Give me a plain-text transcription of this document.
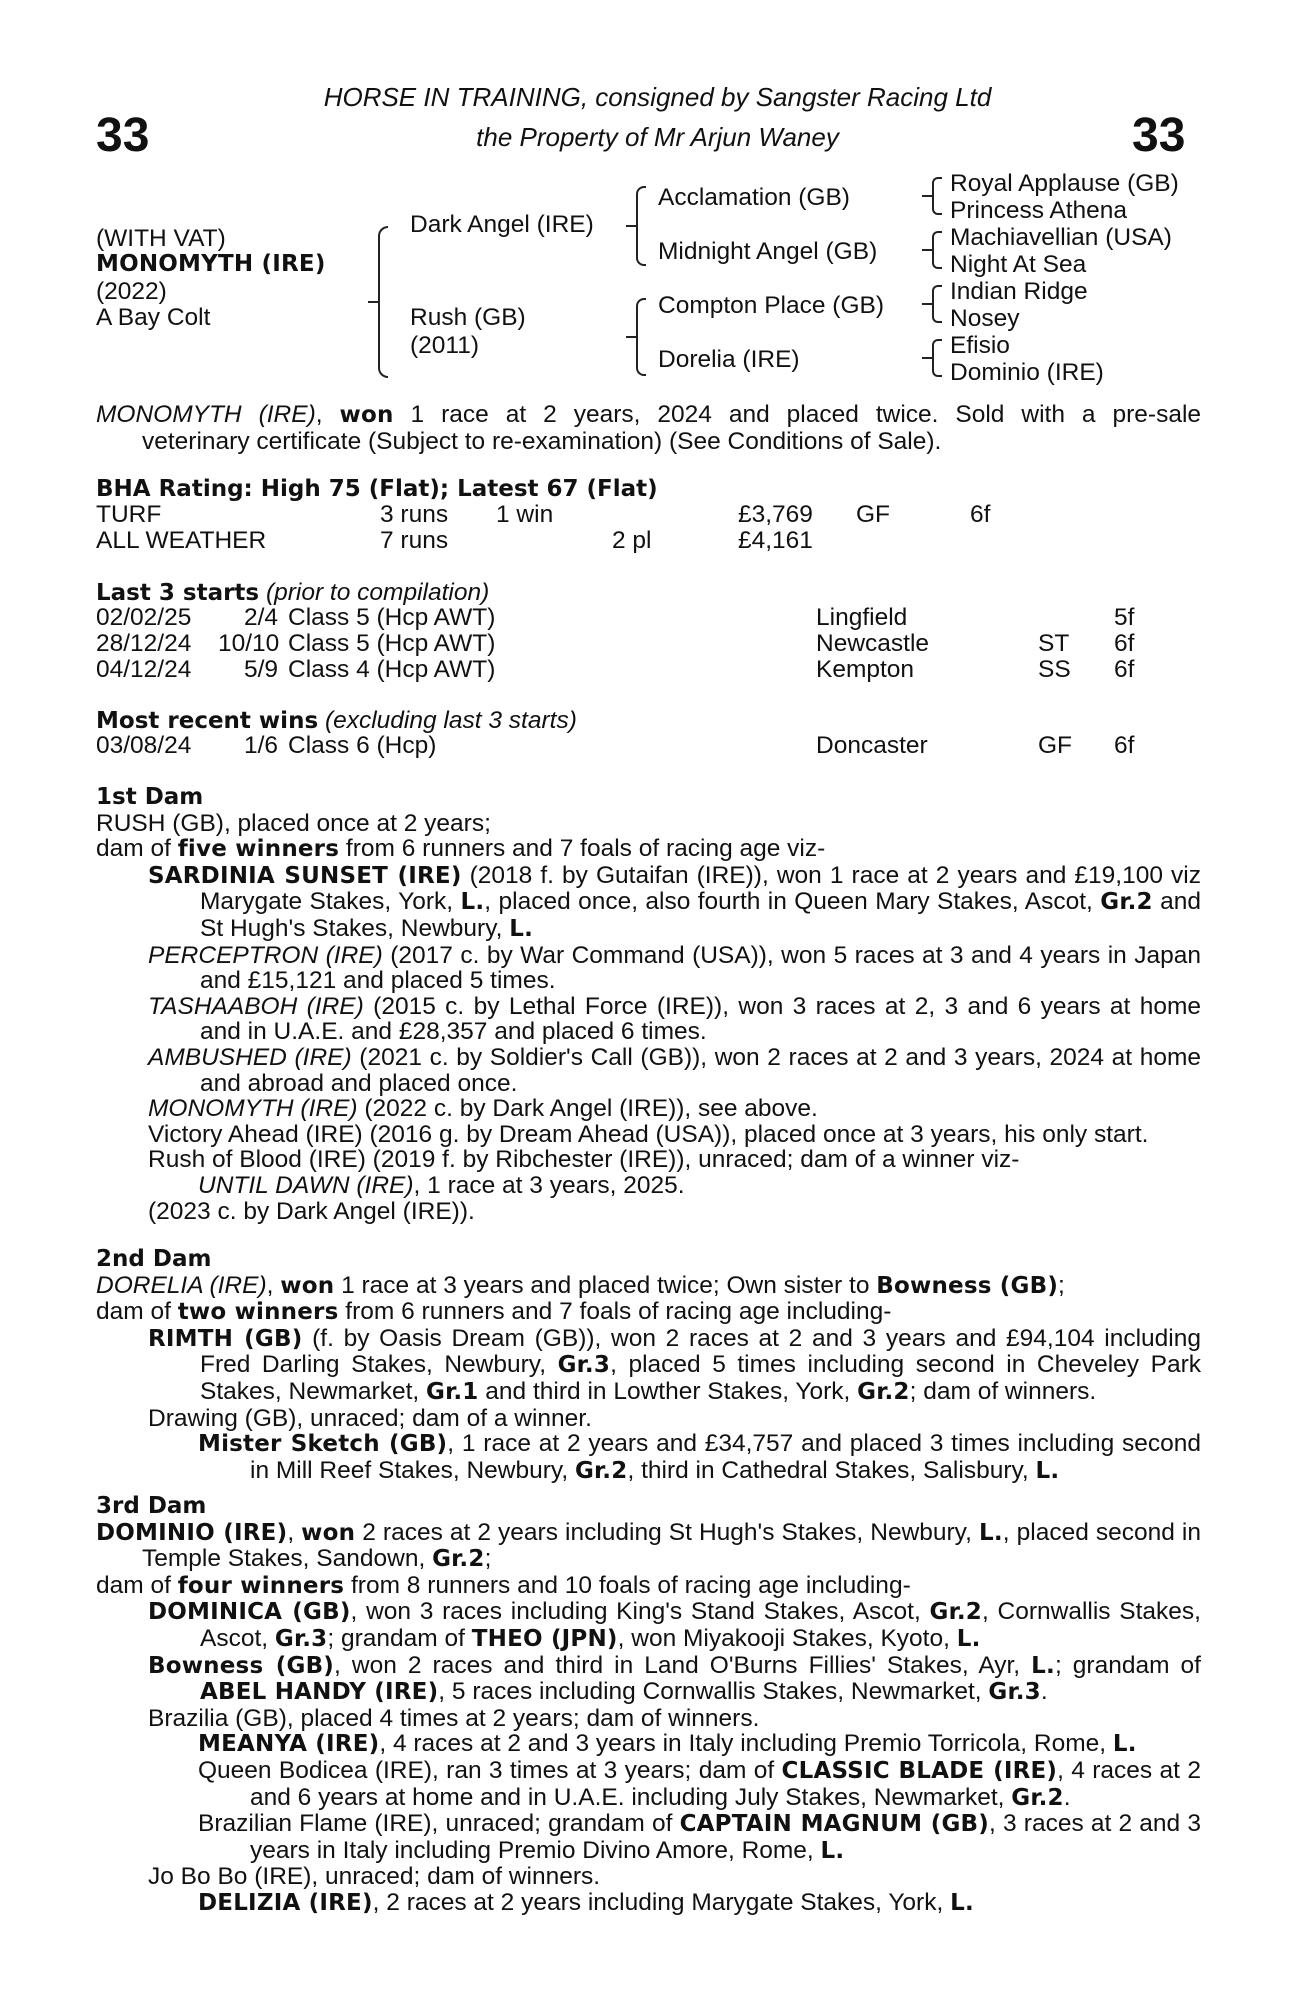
33	33
HORSE IN TRAINING, consigned by Sangster Racing Ltd
the Property of Mr Arjun Waney
(WITH VAT)
MONOMYTH (IRE)
(2022)
A Bay Colt
Dark Angel (IRE)
Rush (GB)
(2011)
Acclamation (GB)
Midnight Angel (GB)
Compton Place (GB)
Dorelia (IRE)
Royal Applause (GB)
Princess Athena
Machiavellian (USA)
Night At Sea
Indian Ridge
Nosey
Efisio
Dominio (IRE)
MONOMYTH (IRE), won 1 race at 2 years, 2024 and placed twice. Sold with a pre-sale
veterinary certificate (Subject to re-examination) (See Conditions of Sale).
BHA Rating: High 75 (Flat); Latest 67 (Flat)
TURF	3 runs 1 win	£3,769 GF	6f
ALL WEATHER	7 runs	2 pl	£4,161
Last 3 starts (prior to compilation)
02/02/25	2/4 Class 5 (Hcp AWT)	Lingfield	5f
28/12/24 10/10 Class 5 (Hcp AWT)	Newcastle	ST 6f
04/12/24	5/9 Class 4 (Hcp AWT)	Kempton	SS 6f
Most recent wins (excluding last 3 starts)
03/08/24	1/6 Class 6 (Hcp)	Doncaster	GF 6f
1st Dam
RUSH (GB), placed once at 2 years;
dam of five winners from 6 runners and 7 foals of racing age viz-
SARDINIA SUNSET (IRE) (2018 f. by Gutaifan (IRE)), won 1 race at 2 years and £19,100 viz Marygate Stakes, York, L., placed once, also fourth in Queen Mary Stakes, Ascot, Gr.2 and St Hugh's Stakes, Newbury, L.
PERCEPTRON (IRE) (2017 c. by War Command (USA)), won 5 races at 3 and 4 years in Japan and £15,121 and placed 5 times.
TASHAABOH (IRE) (2015 c. by Lethal Force (IRE)), won 3 races at 2, 3 and 6 years at home and in U.A.E. and £28,357 and placed 6 times.
AMBUSHED (IRE) (2021 c. by Soldier's Call (GB)), won 2 races at 2 and 3 years, 2024 at home and abroad and placed once.
MONOMYTH (IRE) (2022 c. by Dark Angel (IRE)), see above.
Victory Ahead (IRE) (2016 g. by Dream Ahead (USA)), placed once at 3 years, his only start.
Rush of Blood (IRE) (2019 f. by Ribchester (IRE)), unraced; dam of a winner viz-
UNTIL DAWN (IRE), 1 race at 3 years, 2025.
(2023 c. by Dark Angel (IRE)).
2nd Dam
DORELIA (IRE), won 1 race at 3 years and placed twice; Own sister to Bowness (GB);
dam of two winners from 6 runners and 7 foals of racing age including-
RIMTH (GB) (f. by Oasis Dream (GB)), won 2 races at 2 and 3 years and £94,104 including Fred Darling Stakes, Newbury, Gr.3, placed 5 times including second in Cheveley Park Stakes, Newmarket, Gr.1 and third in Lowther Stakes, York, Gr.2; dam of winners.
Drawing (GB), unraced; dam of a winner.
Mister Sketch (GB), 1 race at 2 years and £34,757 and placed 3 times including second in Mill Reef Stakes, Newbury, Gr.2, third in Cathedral Stakes, Salisbury, L.
3rd Dam
DOMINIO (IRE), won 2 races at 2 years including St Hugh's Stakes, Newbury, L., placed second in Temple Stakes, Sandown, Gr.2;
dam of four winners from 8 runners and 10 foals of racing age including-
DOMINICA (GB), won 3 races including King's Stand Stakes, Ascot, Gr.2, Cornwallis Stakes, Ascot, Gr.3; grandam of THEO (JPN), won Miyakooji Stakes, Kyoto, L.
Bowness (GB), won 2 races and third in Land O'Burns Fillies' Stakes, Ayr, L.; grandam of ABEL HANDY (IRE), 5 races including Cornwallis Stakes, Newmarket, Gr.3.
Brazilia (GB), placed 4 times at 2 years; dam of winners.
MEANYA (IRE), 4 races at 2 and 3 years in Italy including Premio Torricola, Rome, L.
Queen Bodicea (IRE), ran 3 times at 3 years; dam of CLASSIC BLADE (IRE), 4 races at 2 and 6 years at home and in U.A.E. including July Stakes, Newmarket, Gr.2.
Brazilian Flame (IRE), unraced; grandam of CAPTAIN MAGNUM (GB), 3 races at 2 and 3 years in Italy including Premio Divino Amore, Rome, L.
Jo Bo Bo (IRE), unraced; dam of winners.
DELIZIA (IRE), 2 races at 2 years including Marygate Stakes, York, L.
